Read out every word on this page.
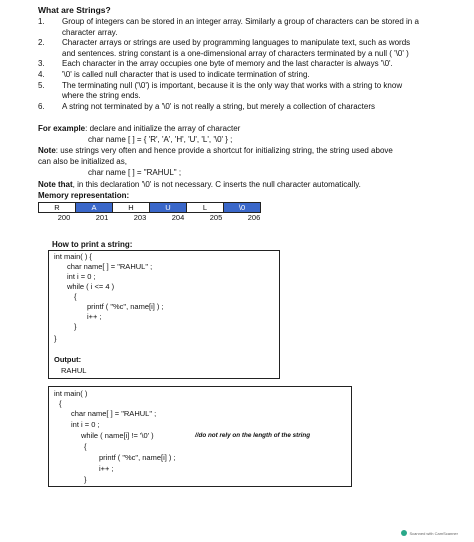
What are Strings?
1. Group of integers can be stored in an integer array. Similarly a group of characters can be stored in a
character array.
2. Character arrays or strings are used by programming languages to manipulate text, such as words
and sentences. string constant is a one-dimensional array of characters terminated by a null ( '\0' )
3. Each character in the array occupies one byte of memory and the last character is always '\0'.
4. '\0' is called null character that is used to indicate termination of string.
5. The terminating null ('\0') is important, because it is the only way that works with a string to know
where the string ends.
6. A string not terminated by a '\0' is not really a string, but merely a collection of characters
For example: declare and initialize the array of character
char name [ ] = { 'R', 'A', 'H', 'U', 'L', '\0' } ;
Note: use strings very often and hence provide a shortcut for initializing string, the string used above
can also be initialized as,
char name [ ] = "RAHUL" ;
Note that, in this declaration '\0' is not necessary. C inserts the null character automatically.
Memory representation:
R	A	H	U	L	\0
200	201	203	204	205	206
How to print a string:
int main( ) {
char name[ ] = "RAHUL" ;
int i = 0 ;
while ( i <= 4 )
{
printf ( "%c", name[i] ) ;
i++ ;
}
}
Output:
RAHUL
int main( )
{
char name[ ] = "RAHUL" ;
int i = 0 ;
while ( name[i] != '\0' )	//do not rely on the length of the string
{
printf ( "%c", name[i] ) ;
i++ ;
}
Scanned with CamScanner
